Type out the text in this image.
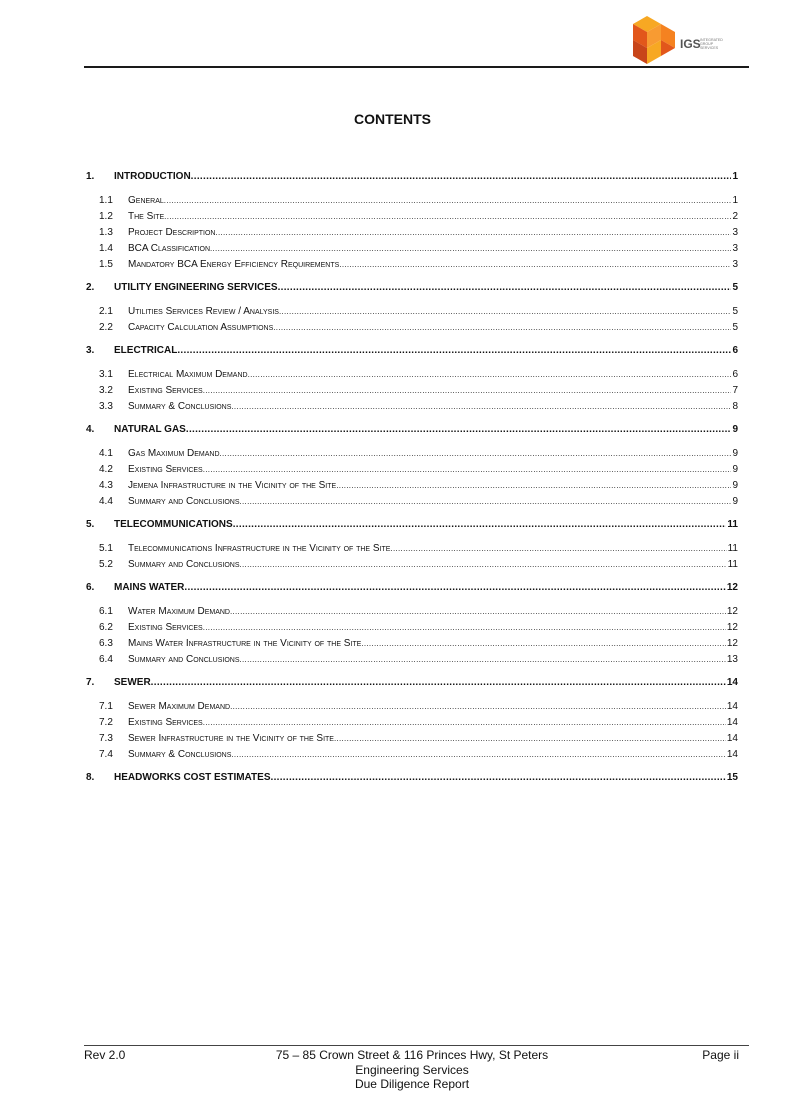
IGS INTEGRATED GROUP SERVICES
CONTENTS
1.	INTRODUCTION .....	1
1.1	General .....	1
1.2	The Site .....	2
1.3	Project Description .....	3
1.4	BCA Classification .....	3
1.5	Mandatory BCA Energy Efficiency Requirements .....	3
2.	UTILITY ENGINEERING SERVICES .....	5
2.1	Utilities Services Review / Analysis .....	5
2.2	Capacity Calculation Assumptions .....	5
3.	ELECTRICAL .....	6
3.1	Electrical Maximum Demand .....	6
3.2	Existing Services .....	7
3.3	Summary & Conclusions .....	8
4.	NATURAL GAS .....	9
4.1	Gas Maximum Demand .....	9
4.2	Existing Services .....	9
4.3	Jemena Infrastructure in the Vicinity of the Site .....	9
4.4	Summary and Conclusions .....	9
5.	TELECOMMUNICATIONS .....	11
5.1	Telecommunications Infrastructure in the Vicinity of the Site .....	11
5.2	Summary and Conclusions .....	11
6.	MAINS WATER .....	12
6.1	Water Maximum Demand .....	12
6.2	Existing Services .....	12
6.3	Mains Water Infrastructure in the Vicinity of the Site .....	12
6.4	Summary and Conclusions .....	13
7.	SEWER .....	14
7.1	Sewer Maximum Demand .....	14
7.2	Existing Services .....	14
7.3	Sewer Infrastructure in the Vicinity of the Site .....	14
7.4	Summary & Conclusions .....	14
8.	HEADWORKS COST ESTIMATES .....	15
Rev 2.0	75 – 85 Crown Street & 116 Princes Hwy, St Peters
Engineering Services
Due Diligence Report
Page ii
